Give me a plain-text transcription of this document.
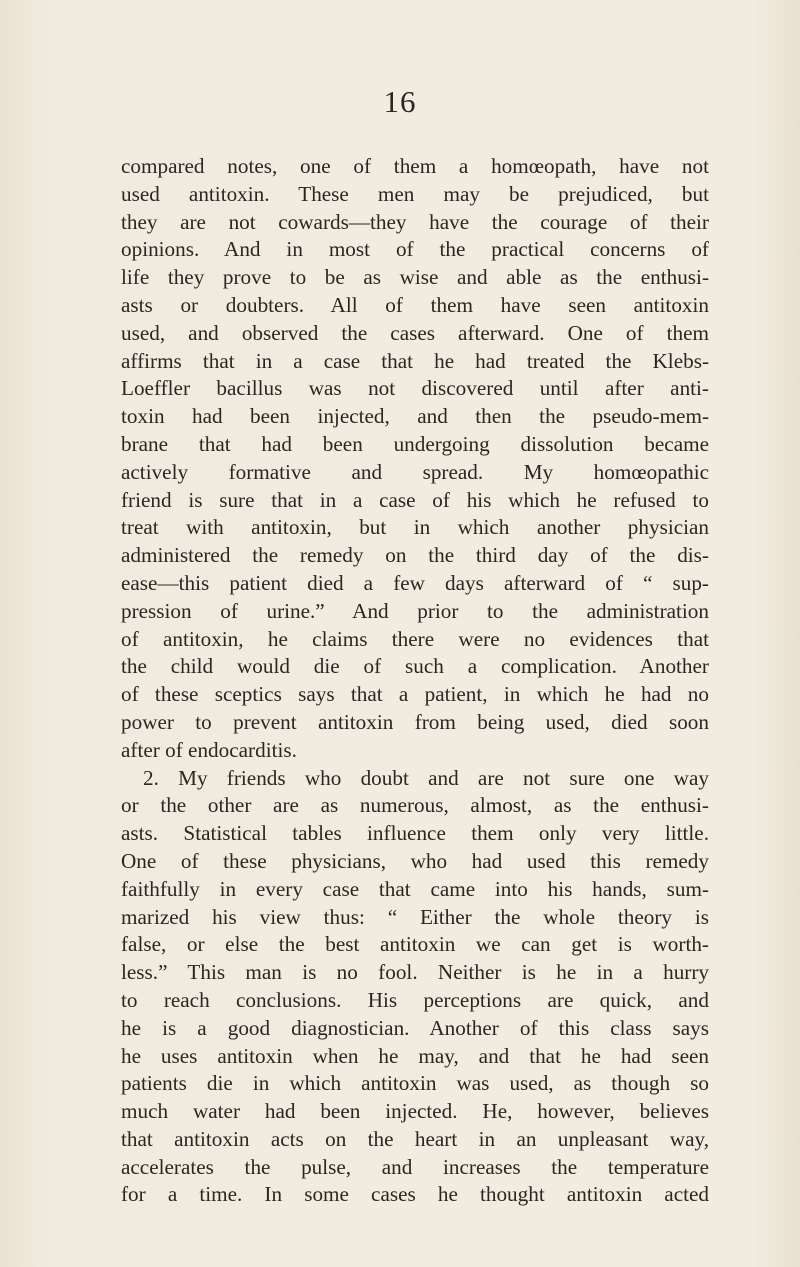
16
compared notes, one of them a homœopath, have not
used antitoxin. These men may be prejudiced, but
they are not cowards—they have the courage of their
opinions. And in most of the practical concerns of
life they prove to be as wise and able as the enthusi-
asts or doubters. All of them have seen antitoxin
used, and observed the cases afterward. One of them
affirms that in a case that he had treated the Klebs-
Loeffler bacillus was not discovered until after anti-
toxin had been injected, and then the pseudo-mem-
brane that had been undergoing dissolution became
actively formative and spread. My homœopathic
friend is sure that in a case of his which he refused to
treat with antitoxin, but in which another physician
administered the remedy on the third day of the dis-
ease—this patient died a few days afterward of “ sup-
pression of urine.” And prior to the administration
of antitoxin, he claims there were no evidences that
the child would die of such a complication. Another
of these sceptics says that a patient, in which he had no
power to prevent antitoxin from being used, died soon
after of endocarditis.
2. My friends who doubt and are not sure one way
or the other are as numerous, almost, as the enthusi-
asts. Statistical tables influence them only very little.
One of these physicians, who had used this remedy
faithfully in every case that came into his hands, sum-
marized his view thus: “ Either the whole theory is
false, or else the best antitoxin we can get is worth-
less.” This man is no fool. Neither is he in a hurry
to reach conclusions. His perceptions are quick, and
he is a good diagnostician. Another of this class says
he uses antitoxin when he may, and that he had seen
patients die in which antitoxin was used, as though so
much water had been injected. He, however, believes
that antitoxin acts on the heart in an unpleasant way,
accelerates the pulse, and increases the temperature
for a time. In some cases he thought antitoxin acted
